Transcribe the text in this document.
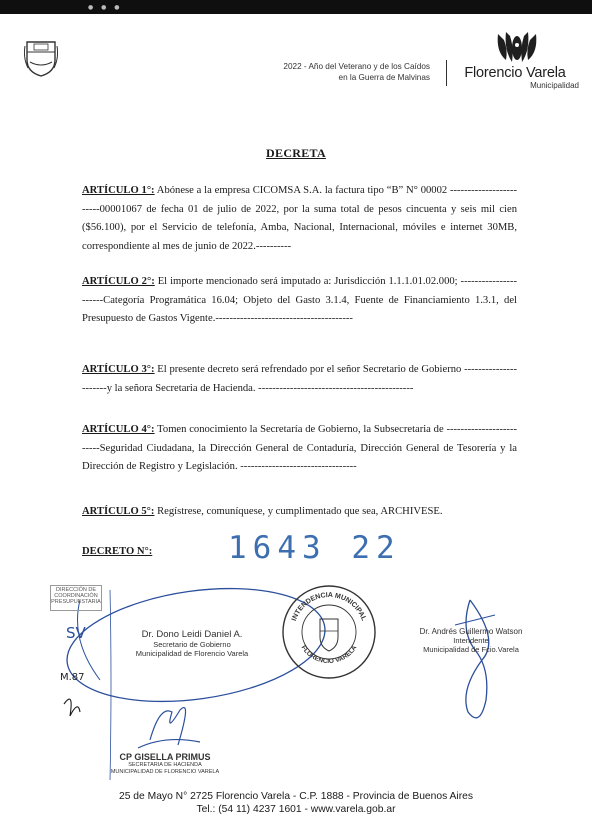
● ● ●
2022 - Año del Veterano y de los Caídos
en la Guerra de Malvinas	Florencio Varela
Municipalidad
DECRETA
ARTÍCULO 1°: Abónese a la empresa CICOMSA S.A. la factura tipo “B” N° 00002 ------------------------00001067 de fecha 01 de julio de 2022, por la suma total de pesos cincuenta y seis mil cien ($56.100), por el Servicio de telefonía, Amba, Nacional, Internacional, móviles e internet 30MB, correspondiente al mes de junio de 2022.----------
ARTÍCULO 2°: El importe mencionado será imputado a: Jurisdicción 1.1.1.01.02.000; ----------------------Categoría Programática 16.04; Objeto del Gasto 3.1.4, Fuente de Financiamiento 1.3.1, del Presupuesto de Gastos Vigente.---------------------------------------
ARTÍCULO 3°: El presente decreto será refrendado por el señor Secretario de Gobierno ----------------------y la señora Secretaria de Hacienda. --------------------------------------------
ARTÍCULO 4°: Tomen conocimiento la Secretaría de Gobierno, la Subsecretaria de -------------------------Seguridad Ciudadana, la Dirección General de Contaduría, Dirección General de Tesorería y la Dirección de Registro y Legislación. ---------------------------------
ARTÍCULO 5°: Regístrese, comuníquese, y cumplimentado que sea, ARCHIVESE.
DECRETO N°: 1643 22
DIRECCIÓN DE
COORDINACIÓN
PRESUPUESTARIA
SV
M.87
Dr. Dono Leidi Daniel A.
Secretario de Gobierno
Municipalidad de Florencio Varela
INTENDENCIA MUNICIPAL
FLORENCIO VARELA
Dr. Andrés Guillermo Watson
Intendente
Municipalidad de Fcio.Varela
CP GISELLA PRIMUS
SECRETARIA DE HACIENDA
MUNICIPALIDAD DE FLORENCIO VARELA
25 de Mayo N° 2725 Florencio Varela - C.P. 1888 - Provincia de Buenos Aires
Tel.: (54 11) 4237 1601 - www.varela.gob.ar
